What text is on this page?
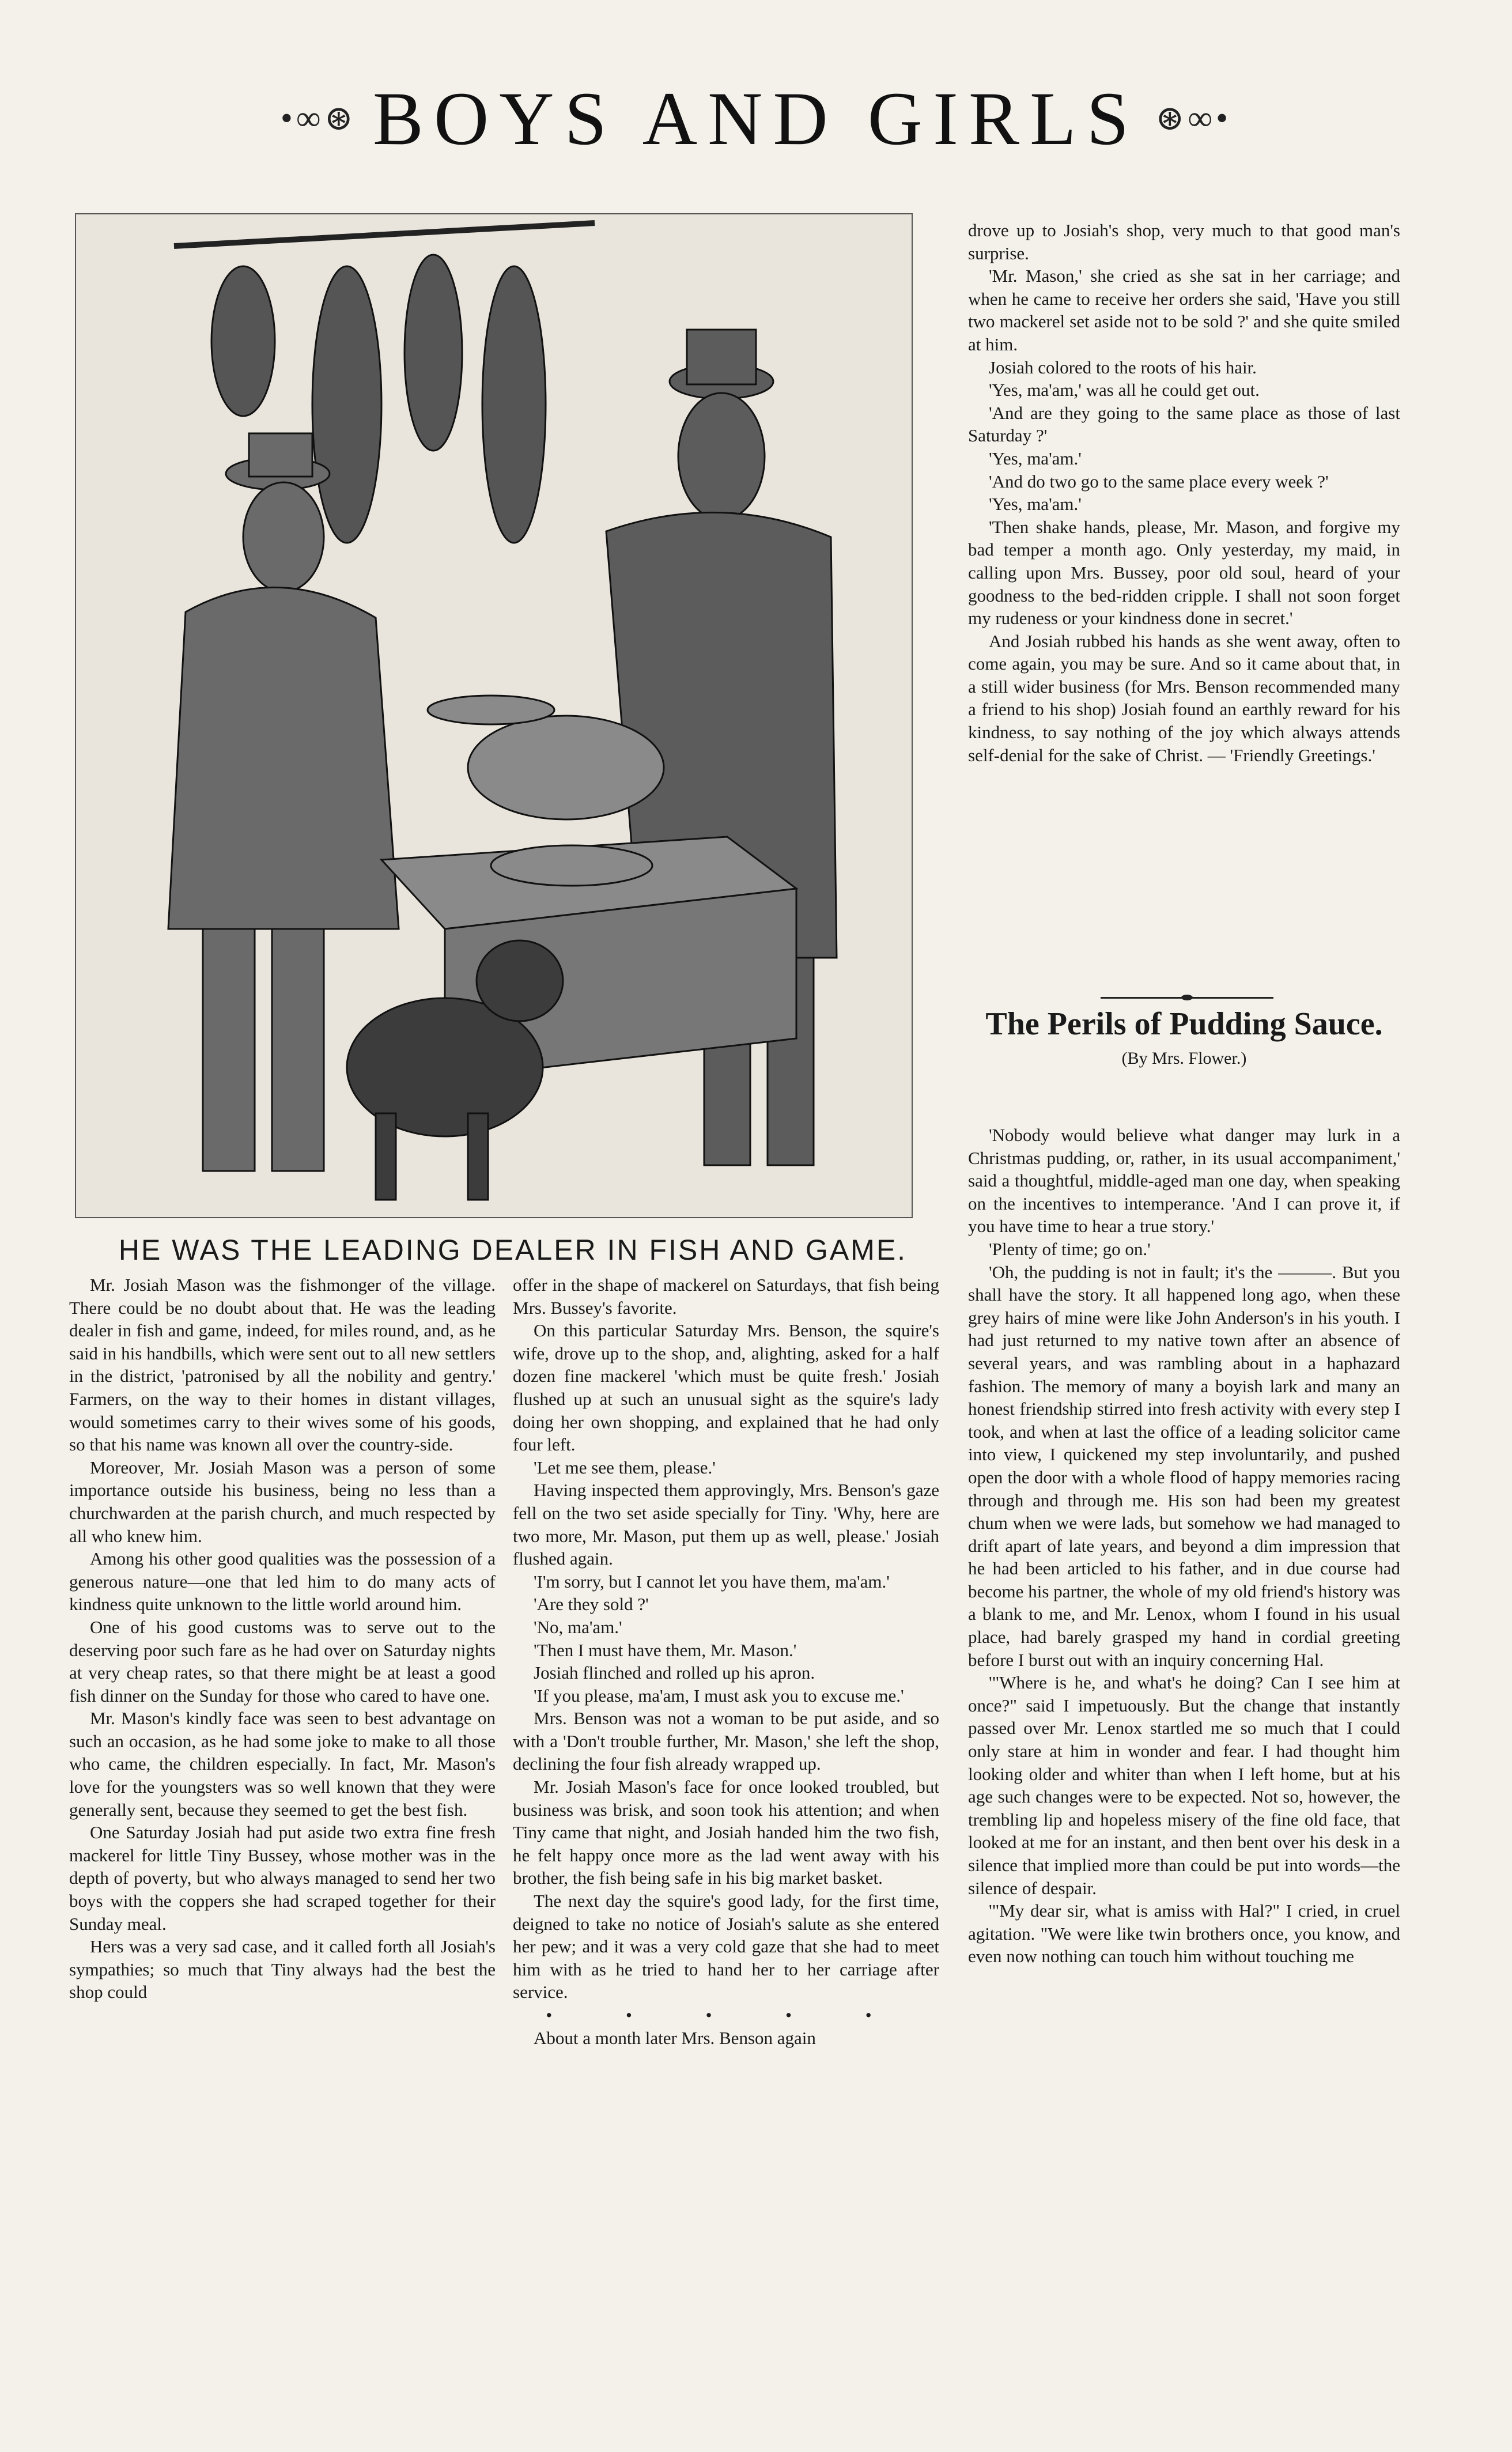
•∞⊛ BOYS AND GIRLS ⊛∞•
HE WAS THE LEADING DEALER IN FISH AND GAME.

Mr. Josiah Mason was the fishmonger of the village. There could be no doubt about that. He was the leading dealer in fish and game, indeed, for miles round, and, as he said in his handbills, which were sent out to all new settlers in the district, 'patronised by all the nobility and gentry.' Farmers, on the way to their homes in distant villages, would sometimes carry to their wives some of his goods, so that his name was known all over the country-side.

Moreover, Mr. Josiah Mason was a person of some importance outside his business, being no less than a churchwarden at the parish church, and much respected by all who knew him.

Among his other good qualities was the possession of a generous nature—one that led him to do many acts of kindness quite unknown to the little world around him.

One of his good customs was to serve out to the deserving poor such fare as he had over on Saturday nights at very cheap rates, so that there might be at least a good fish dinner on the Sunday for those who cared to have one.

Mr. Mason's kindly face was seen to best advantage on such an occasion, as he had some joke to make to all those who came, the children especially. In fact, Mr. Mason's love for the youngsters was so well known that they were generally sent, because they seemed to get the best fish.

One Saturday Josiah had put aside two extra fine fresh mackerel for little Tiny Bussey, whose mother was in the depth of poverty, but who always managed to send her two boys with the coppers she had scraped together for their Sunday meal.

Hers was a very sad case, and it called forth all Josiah's sympathies; so much that Tiny always had the best the shop could

offer in the shape of mackerel on Saturdays, that fish being Mrs. Bussey's favorite.

On this particular Saturday Mrs. Benson, the squire's wife, drove up to the shop, and, alighting, asked for a half dozen fine mackerel 'which must be quite fresh.' Josiah flushed up at such an unusual sight as the squire's lady doing her own shopping, and explained that he had only four left.

'Let me see them, please.'

Having inspected them approvingly, Mrs. Benson's gaze fell on the two set aside specially for Tiny. 'Why, here are two more, Mr. Mason, put them up as well, please.' Josiah flushed again.

'I'm sorry, but I cannot let you have them, ma'am.'

'Are they sold ?'

'No, ma'am.'

'Then I must have them, Mr. Mason.'

Josiah flinched and rolled up his apron.

'If you please, ma'am, I must ask you to excuse me.'

Mrs. Benson was not a woman to be put aside, and so with a 'Don't trouble further, Mr. Mason,' she left the shop, declining the four fish already wrapped up.

Mr. Josiah Mason's face for once looked troubled, but business was brisk, and soon took his attention; and when Tiny came that night, and Josiah handed him the two fish, he felt happy once more as the lad went away with his brother, the fish being safe in his big market basket.

The next day the squire's good lady, for the first time, deigned to take no notice of Josiah's salute as she entered her pew; and it was a very cold gaze that she had to meet him with as he tried to hand her to her carriage after service.

• • • • •

About a month later Mrs. Benson again

drove up to Josiah's shop, very much to that good man's surprise.

'Mr. Mason,' she cried as she sat in her carriage; and when he came to receive her orders she said, 'Have you still two mackerel set aside not to be sold ?' and she quite smiled at him.

Josiah colored to the roots of his hair.

'Yes, ma'am,' was all he could get out.

'And are they going to the same place as those of last Saturday ?'

'Yes, ma'am.'

'And do two go to the same place every week ?'

'Yes, ma'am.'

'Then shake hands, please, Mr. Mason, and forgive my bad temper a month ago. Only yesterday, my maid, in calling upon Mrs. Bussey, poor old soul, heard of your goodness to the bed-ridden cripple. I shall not soon forget my rudeness or your kindness done in secret.'

And Josiah rubbed his hands as she went away, often to come again, you may be sure. And so it came about that, in a still wider business (for Mrs. Benson recommended many a friend to his shop) Josiah found an earthly reward for his kindness, to say nothing of the joy which always attends self-denial for the sake of Christ. — 'Friendly Greetings.'

The Perils of Pudding Sauce.
(By Mrs. Flower.)

'Nobody would believe what danger may lurk in a Christmas pudding, or, rather, in its usual accompaniment,' said a thoughtful, middle-aged man one day, when speaking on the incentives to intemperance. 'And I can prove it, if you have time to hear a true story.'

'Plenty of time; go on.'

'Oh, the pudding is not in fault; it's the ———. But you shall have the story. It all happened long ago, when these grey hairs of mine were like John Anderson's in his youth. I had just returned to my native town after an absence of several years, and was rambling about in a haphazard fashion. The memory of many a boyish lark and many an honest friendship stirred into fresh activity with every step I took, and when at last the office of a leading solicitor came into view, I quickened my step involuntarily, and pushed open the door with a whole flood of happy memories racing through and through me. His son had been my greatest chum when we were lads, but somehow we had managed to drift apart of late years, and beyond a dim impression that he had been articled to his father, and in due course had become his partner, the whole of my old friend's history was a blank to me, and Mr. Lenox, whom I found in his usual place, had barely grasped my hand in cordial greeting before I burst out with an inquiry concerning Hal.

'"Where is he, and what's he doing? Can I see him at once?" said I impetuously. But the change that instantly passed over Mr. Lenox startled me so much that I could only stare at him in wonder and fear. I had thought him looking older and whiter than when I left home, but at his age such changes were to be expected. Not so, however, the trembling lip and hopeless misery of the fine old face, that looked at me for an instant, and then bent over his desk in a silence that implied more than could be put into words—the silence of despair.

'"My dear sir, what is amiss with Hal?" I cried, in cruel agitation. "We were like twin brothers once, you know, and even now nothing can touch him without touching me
